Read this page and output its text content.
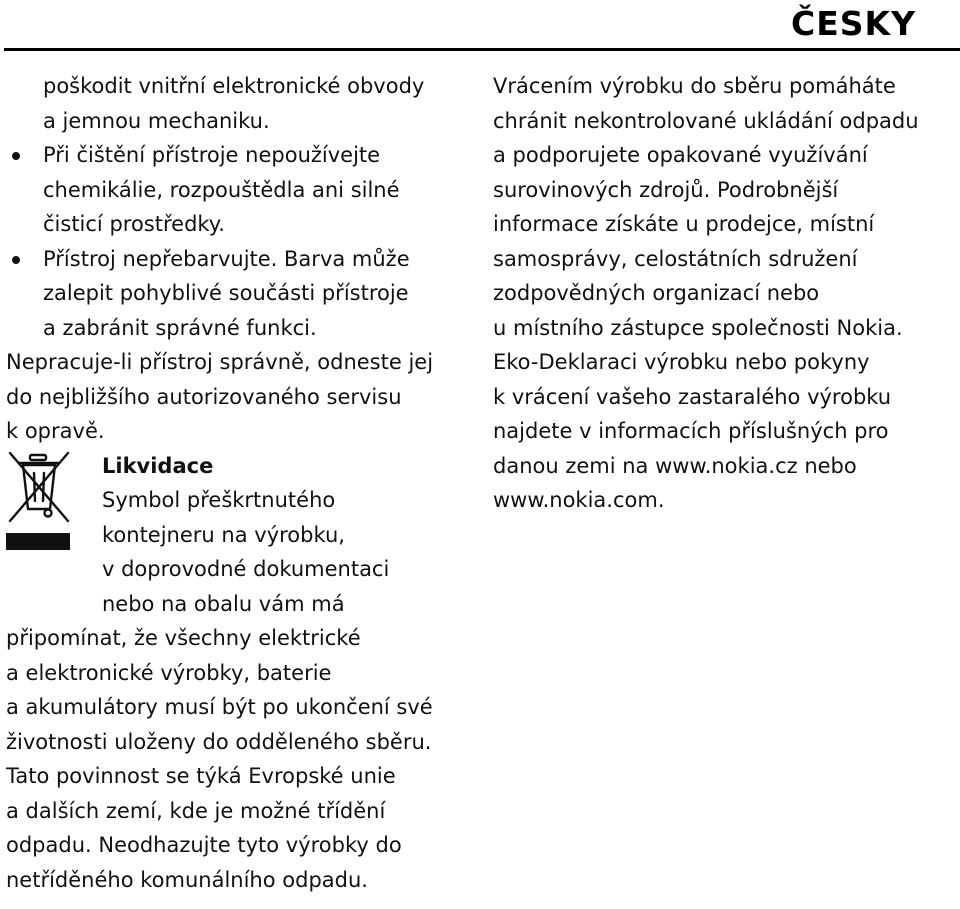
ČESKY
poškodit vnitřní elektronické obvody
a jemnou mechaniku.
Při čištění přístroje nepoužívejte
chemikálie, rozpouštědla ani silné
čisticí prostředky.
Přístroj nepřebarvujte. Barva může
zalepit pohyblivé součásti přístroje
a zabránit správné funkci.
Nepracuje-li přístroj správně, odneste jej
do nejbližšího autorizovaného servisu
k opravě.
Likvidace
Symbol přeškrtnutého
kontejneru na výrobku,
v doprovodné dokumentaci
nebo na obalu vám má
připomínat, že všechny elektrické
a elektronické výrobky, baterie
a akumulátory musí být po ukončení své
životnosti uloženy do odděleného sběru.
Tato povinnost se týká Evropské unie
a dalších zemí, kde je možné třídění
odpadu. Neodhazujte tyto výrobky do
netříděného komunálního odpadu.
Vrácením výrobku do sběru pomáháte
chránit nekontrolované ukládání odpadu
a podporujete opakované využívání
surovinových zdrojů. Podrobnější
informace získáte u prodejce, místní
samosprávy, celostátních sdružení
zodpovědných organizací nebo
u místního zástupce společnosti Nokia.
Eko-Deklaraci výrobku nebo pokyny
k vrácení vašeho zastaralého výrobku
najdete v informacích příslušných pro
danou zemi na www.nokia.cz nebo
www.nokia.com.
